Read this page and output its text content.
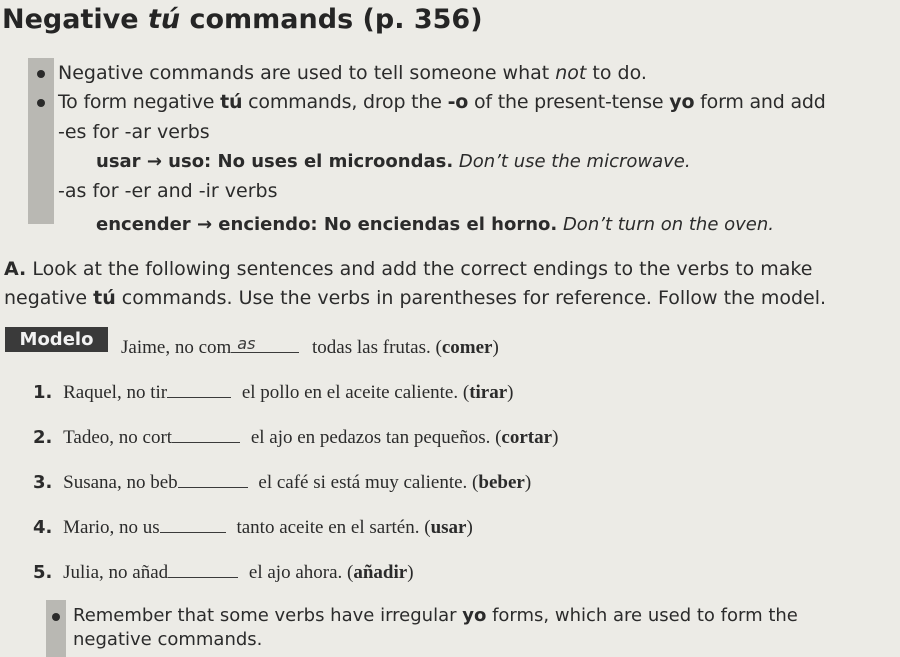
Negative tú commands (p. 356)
Negative commands are used to tell someone what not to do.
To form negative tú commands, drop the -o of the present-tense yo form and add
-es for -ar verbs
usar → uso: No uses el microondas. Don’t use the microwave.
-as for -er and -ir verbs
encender → enciendo: No enciendas el horno. Don’t turn on the oven.
A. Look at the following sentences and add the correct endings to the verbs to make
negative tú commands. Use the verbs in parentheses for reference. Follow the model.
Modelo	Jaime, no com as	todas las frutas. (comer)
1. Raquel, no tir	el pollo en el aceite caliente. (tirar)
2. Tadeo, no cort	el ajo en pedazos tan pequeños. (cortar)
3. Susana, no beb	el café si está muy caliente. (beber)
4. Mario, no us	tanto aceite en el sartén. (usar)
5. Julia, no añad	el ajo ahora. (añadir)
Remember that some verbs have irregular yo forms, which are used to form the
negative commands.
